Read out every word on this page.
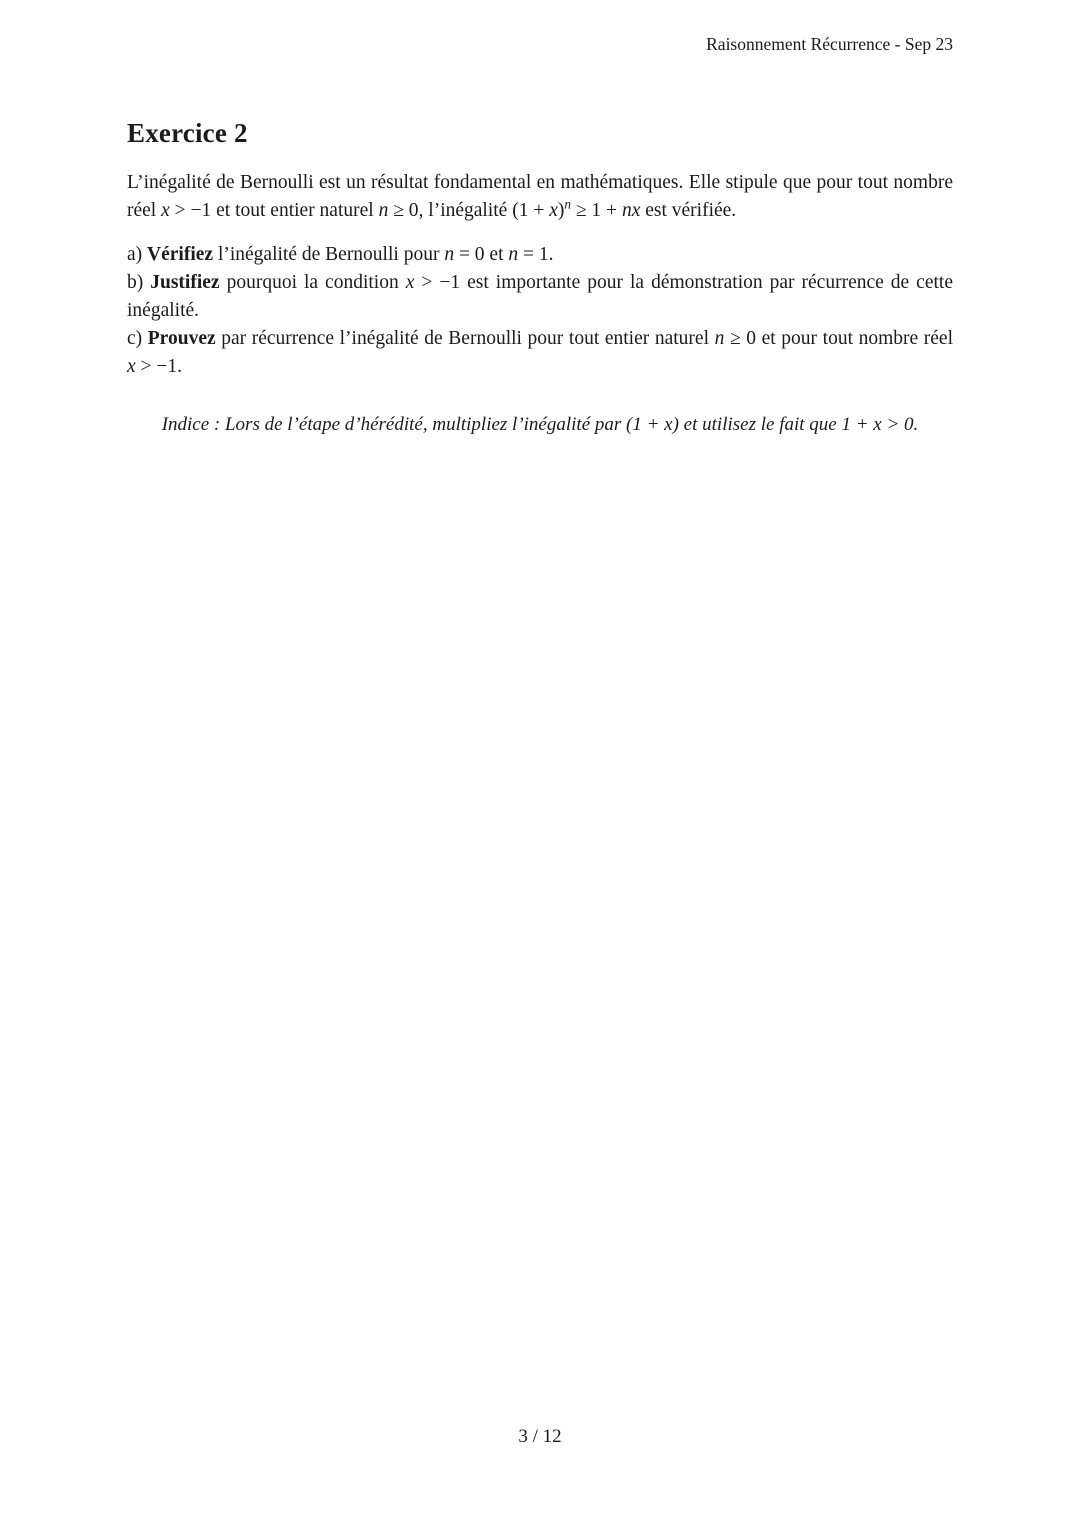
Raisonnement Récurrence - Sep 23
Exercice 2

L’inégalité de Bernoulli est un résultat fondamental en mathématiques. Elle stipule que pour tout nombre réel x > −1 et tout entier naturel n ≥ 0, l’inégalité $(1 + x)^n \ge 1$ + nx est vérifiée.

a) Vérifiez l’inégalité de Bernoulli pour n = 0 et n = 1.

b) Justifiez pourquoi la condition x > −1 est importante pour la démonstration par récurrence de cette inégalité.

c) Prouvez par récurrence l’inégalité de Bernoulli pour tout entier naturel n ≥ 0 et pour tout nombre réel x > −1.

Indice : Lors de l’étape d’hérédité, multipliez l’inégalité par (1 + x) et utilisez le fait que 1 + x > 0.

3 / 12
